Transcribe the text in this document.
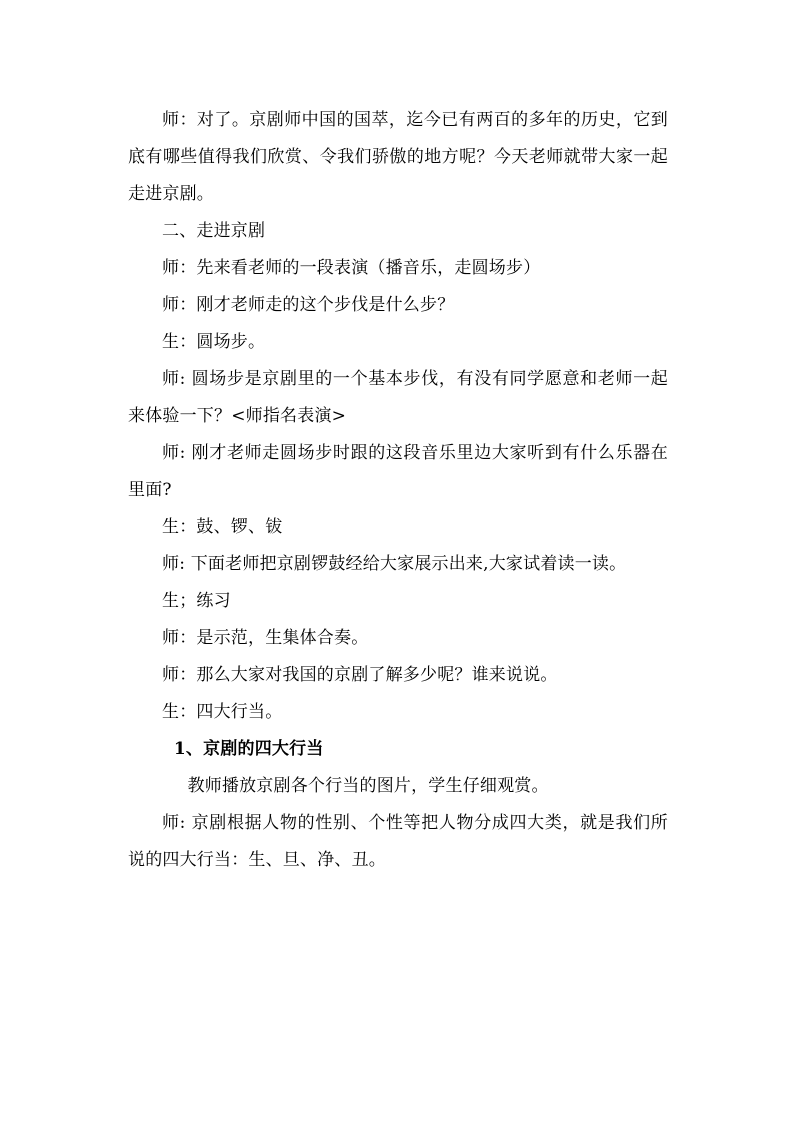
师：对了。京剧师中国的国萃，迄今已有两百的多年的历史，它到底有哪些值得我们欣赏、令我们骄傲的地方呢？今天老师就带大家一起走进京剧。

二、走进京剧

师：先来看老师的一段表演（播音乐，走圆场步）

师：刚才老师走的这个步伐是什么步？

生：圆场步。

师: 圆场步是京剧里的一个基本步伐，有没有同学愿意和老师一起来体验一下？<师指名表演>

师: 刚才老师走圆场步时跟的这段音乐里边大家听到有什么乐器在里面?

生：鼓、锣、钹

师: 下面老师把京剧锣鼓经给大家展示出来,大家试着读一读。

生；练习

师：是示范，生集体合奏。

师：那么大家对我国的京剧了解多少呢？谁来说说。

生：四大行当。

1、京剧的四大行当

教师播放京剧各个行当的图片，学生仔细观赏。

师: 京剧根据人物的性别、个性等把人物分成四大类，就是我们所说的四大行当：生、旦、净、丑。
